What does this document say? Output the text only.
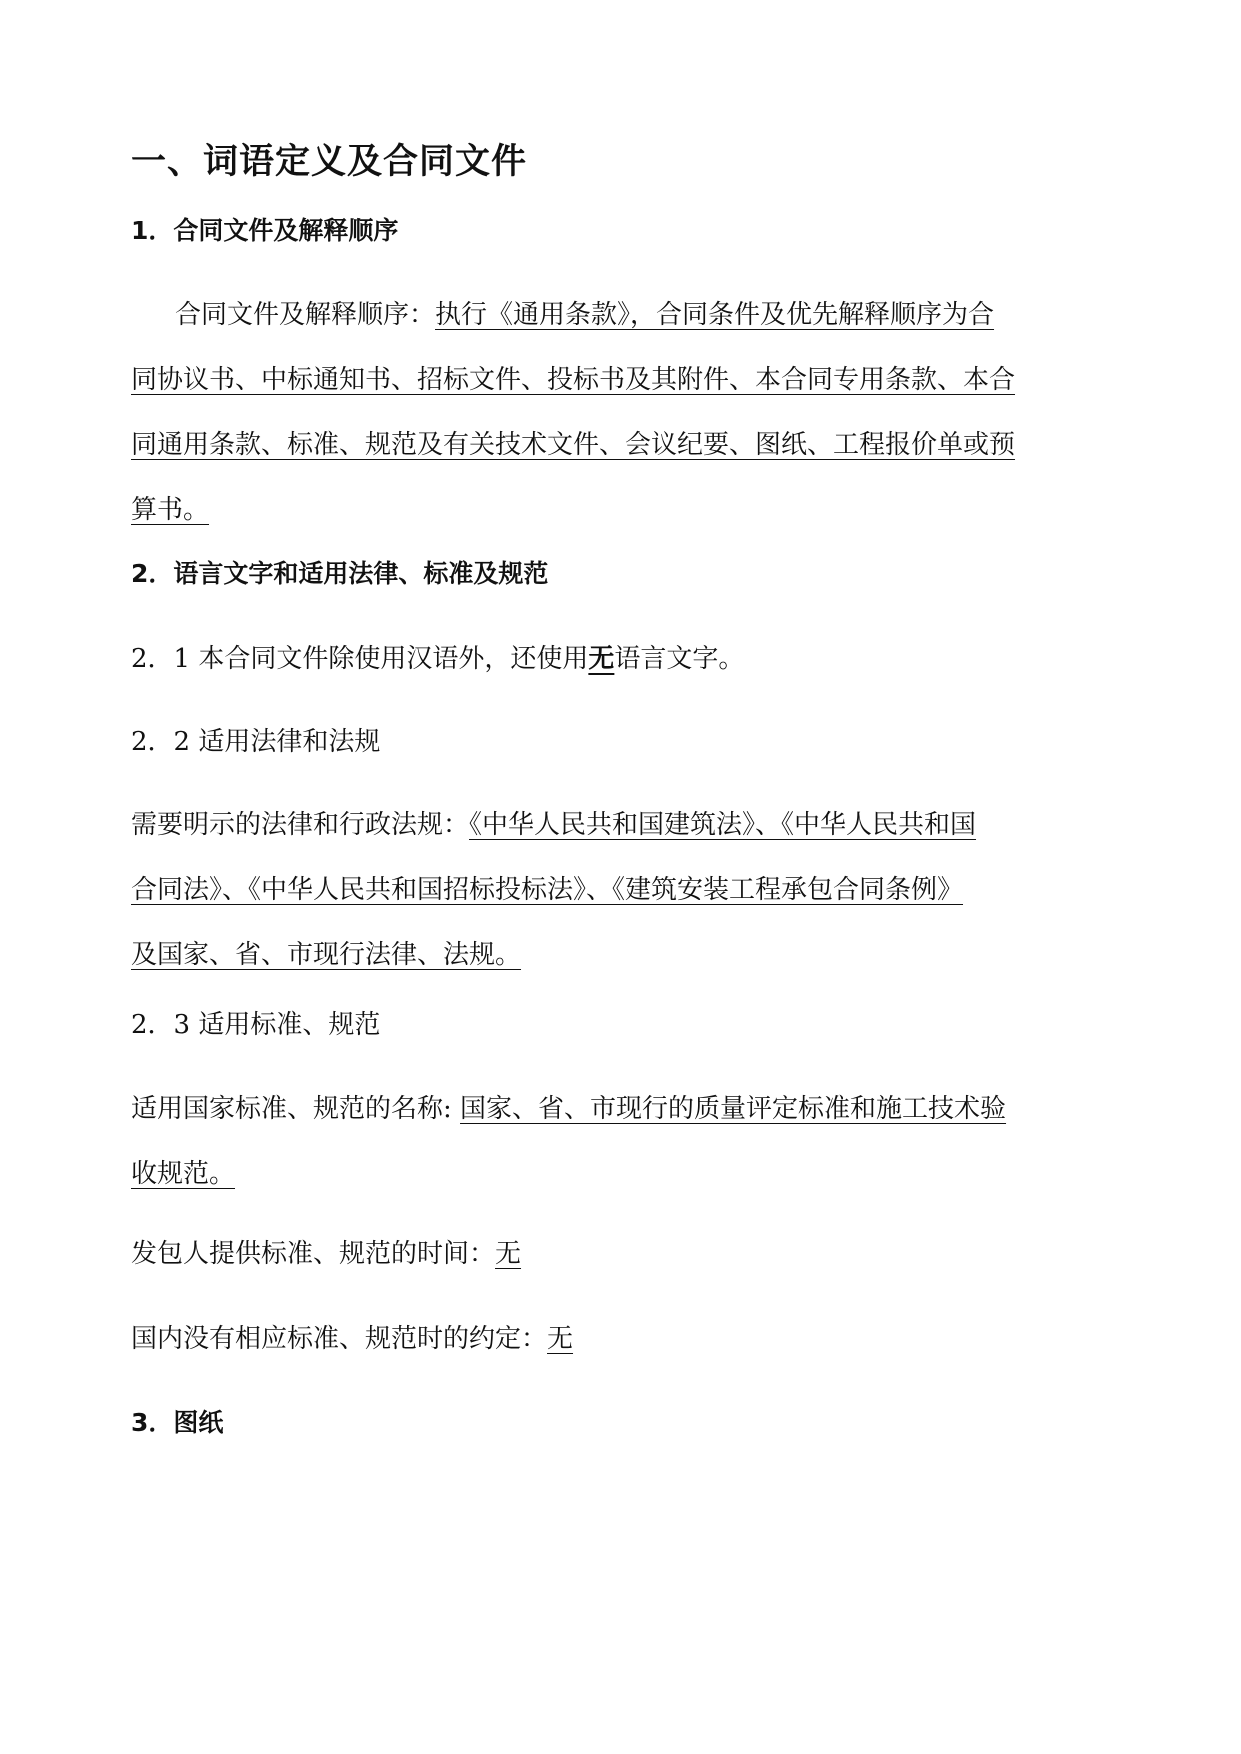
一、词语定义及合同文件
1．合同文件及解释顺序
合同文件及解释顺序：执行《通用条款》，合同条件及优先解释顺序为合
同协议书、中标通知书、招标文件、投标书及其附件、本合同专用条款、本合
同通用条款、标准、规范及有关技术文件、会议纪要、图纸、工程报价单或预
算书。
2．语言文字和适用法律、标准及规范
2．1 本合同文件除使用汉语外，还使用无语言文字。
2．2 适用法律和法规
需要明示的法律和行政法规：《中华人民共和国建筑法》、《中华人民共和国
合同法》、《中华人民共和国招标投标法》、《建筑安装工程承包合同条例》
及国家、省、市现行法律、法规。
2．3 适用标准、规范
适用国家标准、规范的名称: 国家、省、市现行的质量评定标准和施工技术验
收规范。
发包人提供标准、规范的时间：无
国内没有相应标准、规范时的约定：无
3．图纸
